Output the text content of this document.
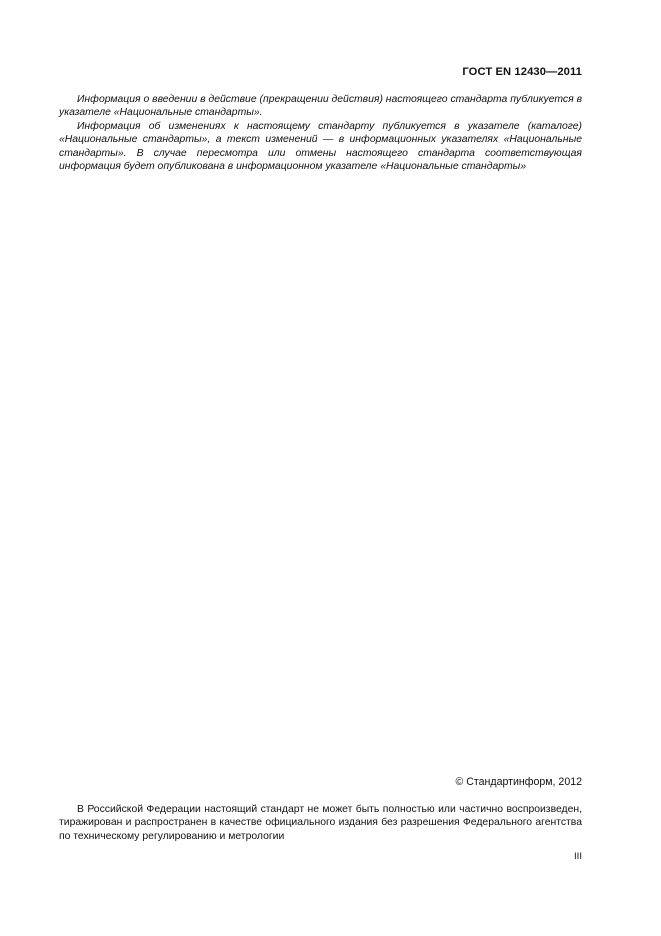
ГОСТ EN 12430—2011

Информация о введении в действие (прекращении действия) настоящего стандарта публикуется в указателе «Национальные стандарты».

Информация об изменениях к настоящему стандарту публикуется в указателе (каталоге) «Национальные стандарты», а текст изменений — в информационных указателях «Национальные стандарты». В случае пересмотра или отмены настоящего стандарта соответствующая информация будет опубликована в информационном указателе «Национальные стандарты»

© Стандартинформ, 2012

В Российской Федерации настоящий стандарт не может быть полностью или частично воспроизведен, тиражирован и распространен в качестве официального издания без разрешения Федерального агентства по техническому регулированию и метрологии

III
